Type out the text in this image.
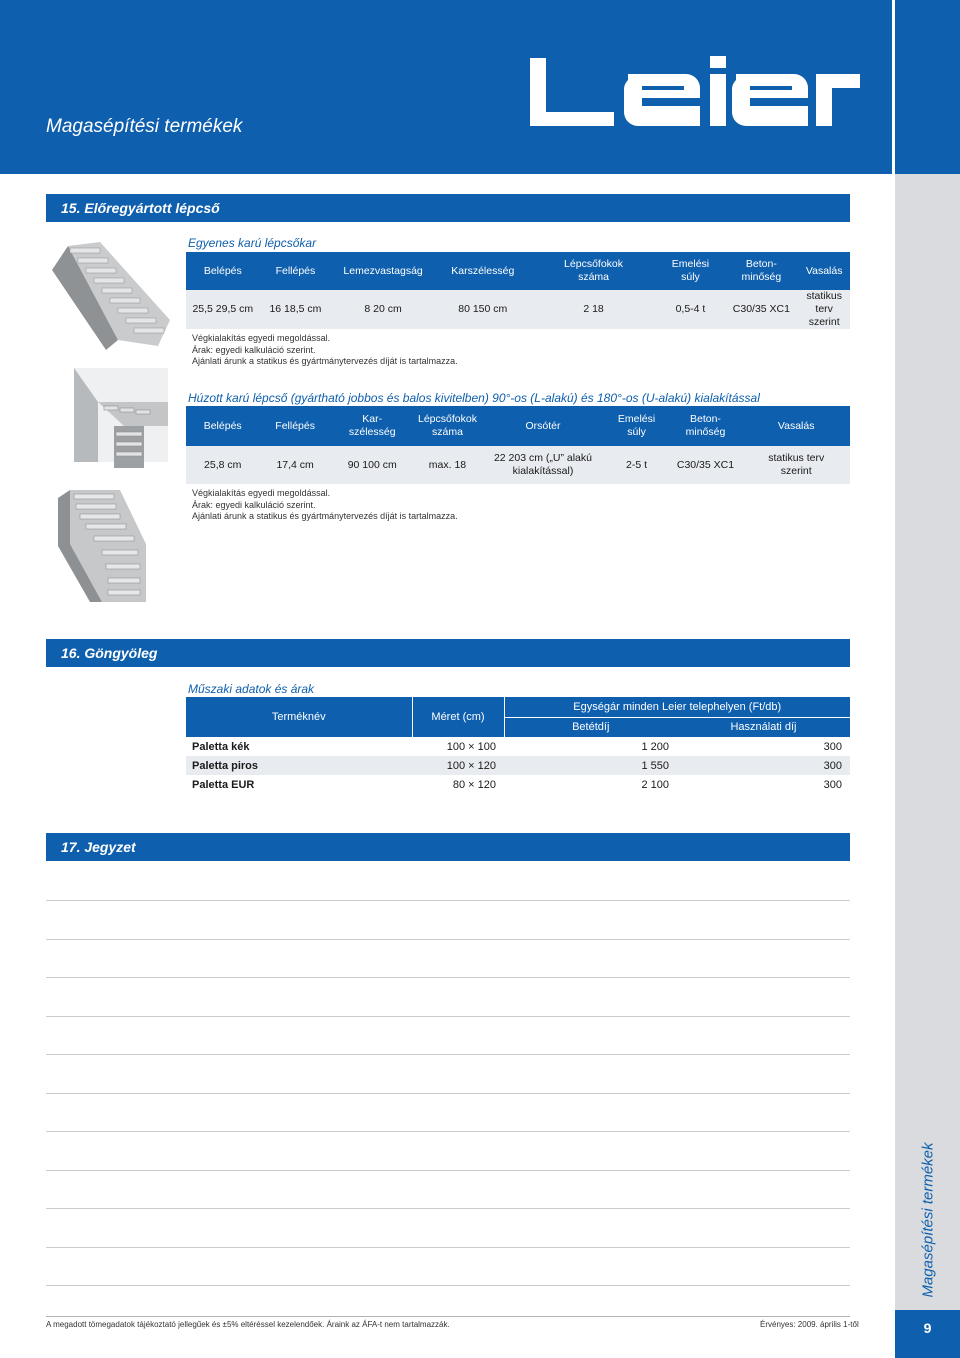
Magasépítési termékek
Magasépítési termékek
9
15. Előregyártott lépcső
Egyenes karú lépcsőkar
Belépés	Fellépés	Lemezvastagság	Karszélesség	Lépcsőfokok száma	Emelési súly	Beton-minőség	Vasalás
25,5 29,5 cm	16 18,5 cm	8 20 cm	80 150 cm	2 18	0,5-4 t	C30/35 XC1	statikus terv szerint
Végkialakítás egyedi megoldással.
Árak: egyedi kalkuláció szerint.
Ajánlati árunk a statikus és gyártmánytervezés díját is tartalmazza.
Húzott karú lépcső (gyártható jobbos és balos kivitelben) 90°-os (L-alakú) és 180°-os (U-alakú) kialakítással
Belépés	Fellépés	Kar-szélesség	Lépcsőfokok száma	Orsótér	Emelési súly	Beton-minőség	Vasalás
25,8 cm	17,4 cm	90 100 cm	max. 18	22 203 cm („U” alakú kialakítással)	2-5 t	C30/35 XC1	statikus terv szerint
Végkialakítás egyedi megoldással.
Árak: egyedi kalkuláció szerint.
Ajánlati árunk a statikus és gyártmánytervezés díját is tartalmazza.
16. Göngyöleg
Műszaki adatok és árak
Terméknév	Méret (cm)	Egységár minden Leier telephelyen (Ft/db)	
		Betétdíj	Használati díj
Paletta kék	100 × 100	1 200	300
Paletta piros	100 × 120	1 550	300
Paletta EUR	80 × 120	2 100	300
17. Jegyzet
A megadott tömegadatok tájékoztató jellegűek és ±5% eltéréssel kezelendőek. Áraink az ÁFA-t nem tartalmazzák.	Érvényes: 2009. április 1-től
